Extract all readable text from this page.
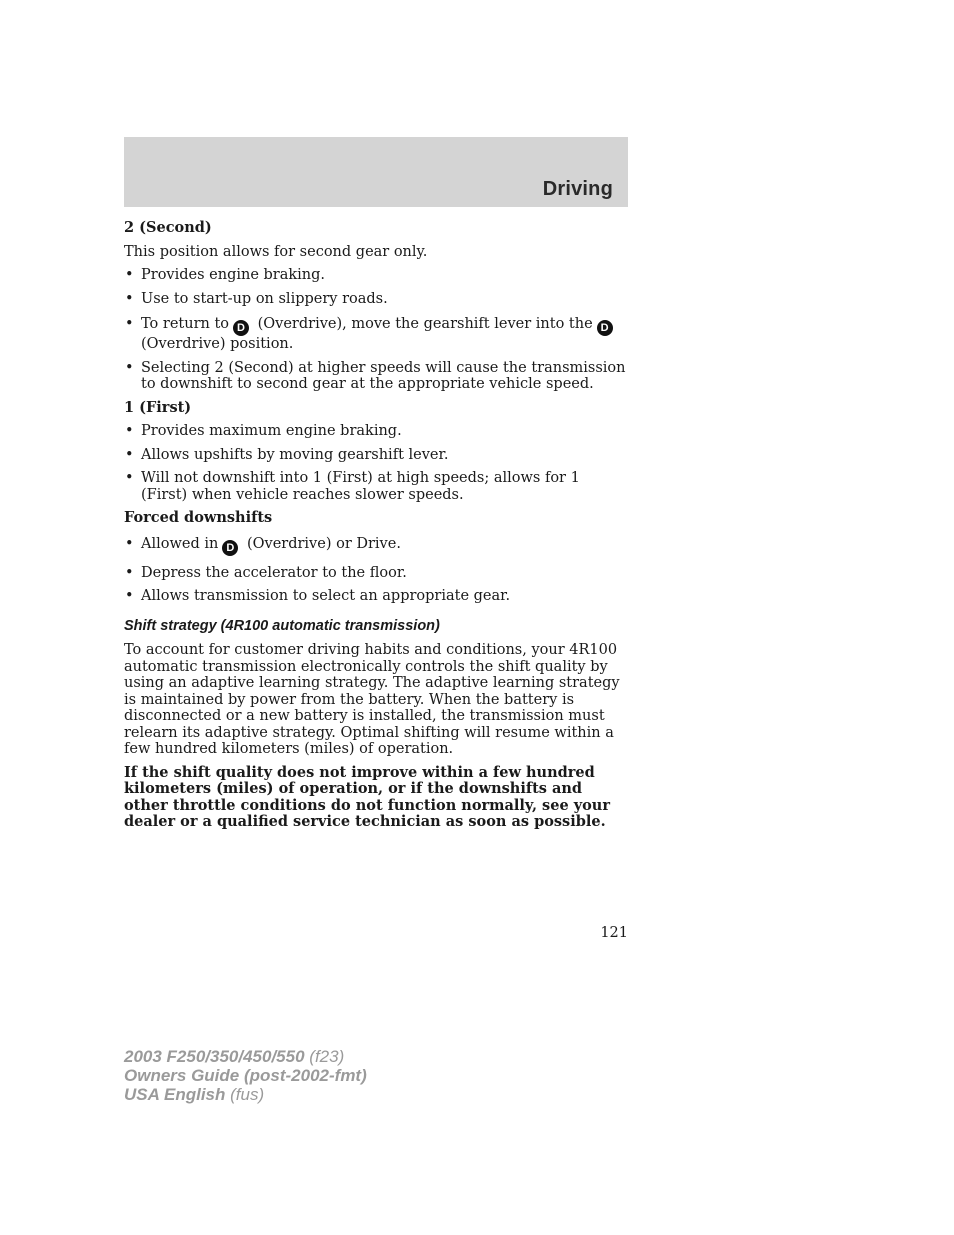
Driving

2 (Second)

This position allows for second gear only.

• Provides engine braking.

• Use to start-up on slippery roads.

• To return to D (Overdrive), move the gearshift lever into the D (Overdrive) position.

• Selecting 2 (Second) at higher speeds will cause the transmission to downshift to second gear at the appropriate vehicle speed.

1 (First)

• Provides maximum engine braking.

• Allows upshifts by moving gearshift lever.

• Will not downshift into 1 (First) at high speeds; allows for 1 (First) when vehicle reaches slower speeds.

Forced downshifts

• Allowed in D (Overdrive) or Drive.

• Depress the accelerator to the floor.

• Allows transmission to select an appropriate gear.

Shift strategy (4R100 automatic transmission)

To account for customer driving habits and conditions, your 4R100 automatic transmission electronically controls the shift quality by using an adaptive learning strategy. The adaptive learning strategy is maintained by power from the battery. When the battery is disconnected or a new battery is installed, the transmission must relearn its adaptive strategy. Optimal shifting will resume within a few hundred kilometers (miles) of operation.

If the shift quality does not improve within a few hundred kilometers (miles) of operation, or if the downshifts and other throttle conditions do not function normally, see your dealer or a qualified service technician as soon as possible.

121
2003 F250/350/450/550 (f23)
Owners Guide (post-2002-fmt)
USA English (fus)
